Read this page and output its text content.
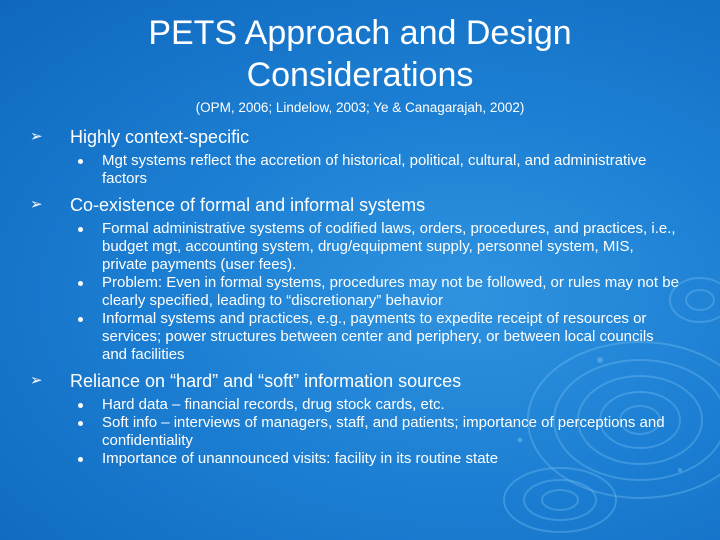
PETS Approach and Design
Considerations
(OPM, 2006; Lindelow, 2003; Ye & Canagarajah, 2002)
➢ Highly context-specific
Mgt systems reflect the accretion of historical, political, cultural, and administrative factors
➢ Co-existence of formal and informal systems
Formal administrative systems of codified laws, orders, procedures, and practices, i.e., budget mgt, accounting system, drug/equipment supply, personnel system, MIS, private payments (user fees).
Problem: Even in formal systems, procedures may not be followed, or rules may not be clearly specified, leading to “discretionary” behavior
Informal systems and practices, e.g., payments to expedite receipt of resources or services; power structures between center and periphery, or between local councils and facilities
➢ Reliance on “hard” and “soft” information sources
Hard data – financial records, drug stock cards, etc.
Soft info – interviews of managers, staff, and patients; importance of perceptions and confidentiality
Importance of unannounced visits: facility in its routine state
